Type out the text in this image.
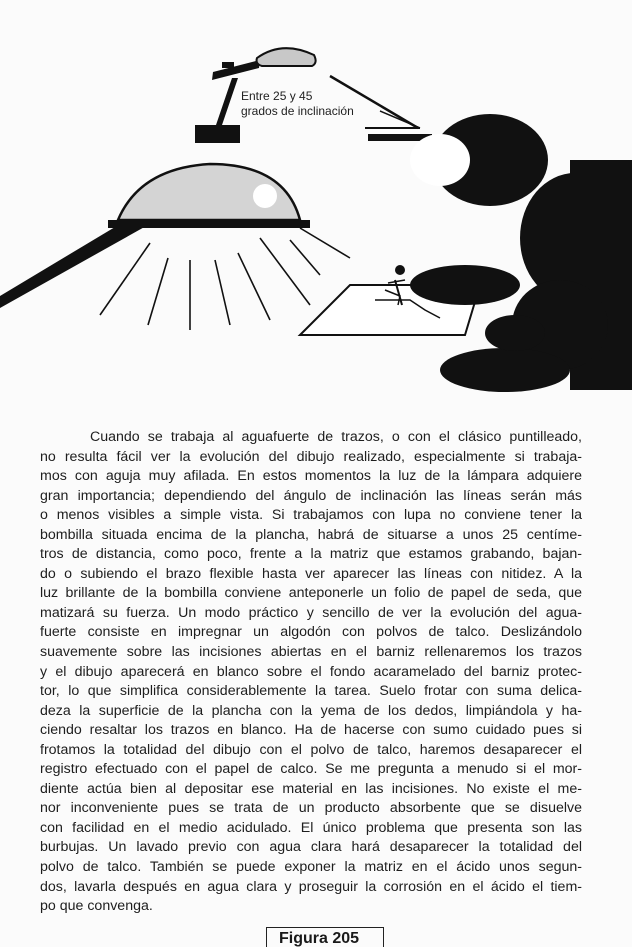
Entre 25 y 45
grados de inclinación

Cuando se trabaja al aguafuerte de trazos, o con el clásico puntilleado,
no resulta fácil ver la evolución del dibujo realizado, especialmente si trabaja-
mos con aguja muy afilada. En estos momentos la luz de la lámpara adquiere
gran importancia; dependiendo del ángulo de inclinación las líneas serán más
o menos visibles a simple vista. Si trabajamos con lupa no conviene tener la
bombilla situada encima de la plancha, habrá de situarse a unos 25 centíme-
tros de distancia, como poco, frente a la matriz que estamos grabando, bajan-
do o subiendo el brazo flexible hasta ver aparecer las líneas con nitidez. A la
luz brillante de la bombilla conviene anteponerle un folio de papel de seda, que
matizará su fuerza. Un modo práctico y sencillo de ver la evolución del agua-
fuerte consiste en impregnar un algodón con polvos de talco. Deslizándolo
suavemente sobre las incisiones abiertas en el barniz rellenaremos los trazos
y el dibujo aparecerá en blanco sobre el fondo acaramelado del barniz protec-
tor, lo que simplifica considerablemente la tarea. Suelo frotar con suma delica-
deza la superficie de la plancha con la yema de los dedos, limpiándola y ha-
ciendo resaltar los trazos en blanco. Ha de hacerse con sumo cuidado pues si
frotamos la totalidad del dibujo con el polvo de talco, haremos desaparecer el
registro efectuado con el papel de calco. Se me pregunta a menudo si el mor-
diente actúa bien al depositar ese material en las incisiones. No existe el me-
nor inconveniente pues se trata de un producto absorbente que se disuelve
con facilidad en el medio acidulado. El único problema que presenta son las
burbujas. Un lavado previo con agua clara hará desaparecer la totalidad del
polvo de talco. También se puede exponer la matriz en el ácido unos segun-
dos, lavarla después en agua clara y proseguir la corrosión en el ácido el tiem-
po que convenga.

Figura 205
